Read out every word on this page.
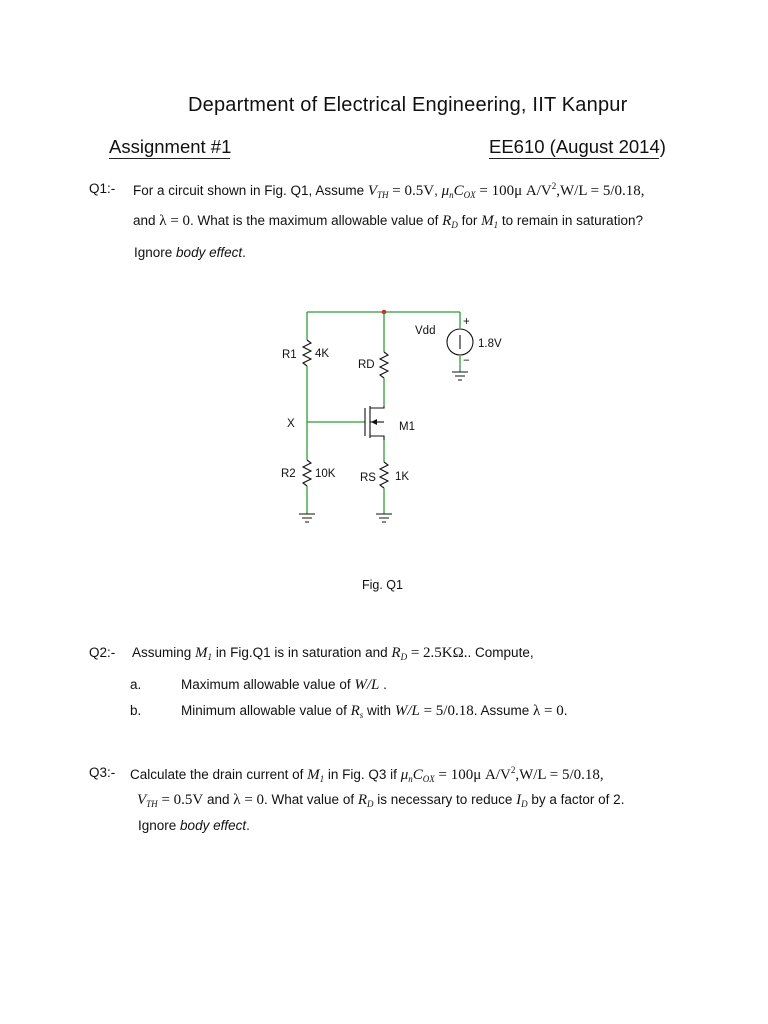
Department of Electrical Engineering, IIT Kanpur
Assignment #1	EE610 (August 2014)
Q1:- For a circuit shown in Fig. Q1, Assume $V_{TH} = 0.5V$, $\mu_nC_{OX} = 100\mu$ $A/V^2,W/L = 5/0.18$,
and λ = 0. What is the maximum allowable value of $R_D$ for $M_1$ to remain in saturation?
Ignore body effect.
+
−
Vdd
1.8V
R1 4K
X
R2 10K
RD
M1
RS 1K
Fig. Q1
Q2:- Assuming $M_1$ in Fig.Q1 is in saturation and $R_D = 2.5K\Omega$.. Compute,
a.	Maximum allowable value of W/L .
b.	Minimum allowable value of $R_s$ with W/L = 5/0.18. Assume λ = 0.
Q3:- Calculate the drain current of $M_1$ in Fig. Q3 if $\mu_nC_{OX} = 100\mu$ $A/V^2,W/L = 5/0.18$,
$V_{TH} = 0.5V$ and λ = 0. What value of $R_D$ is necessary to reduce $I_D$ by a factor of 2.
Ignore body effect.
